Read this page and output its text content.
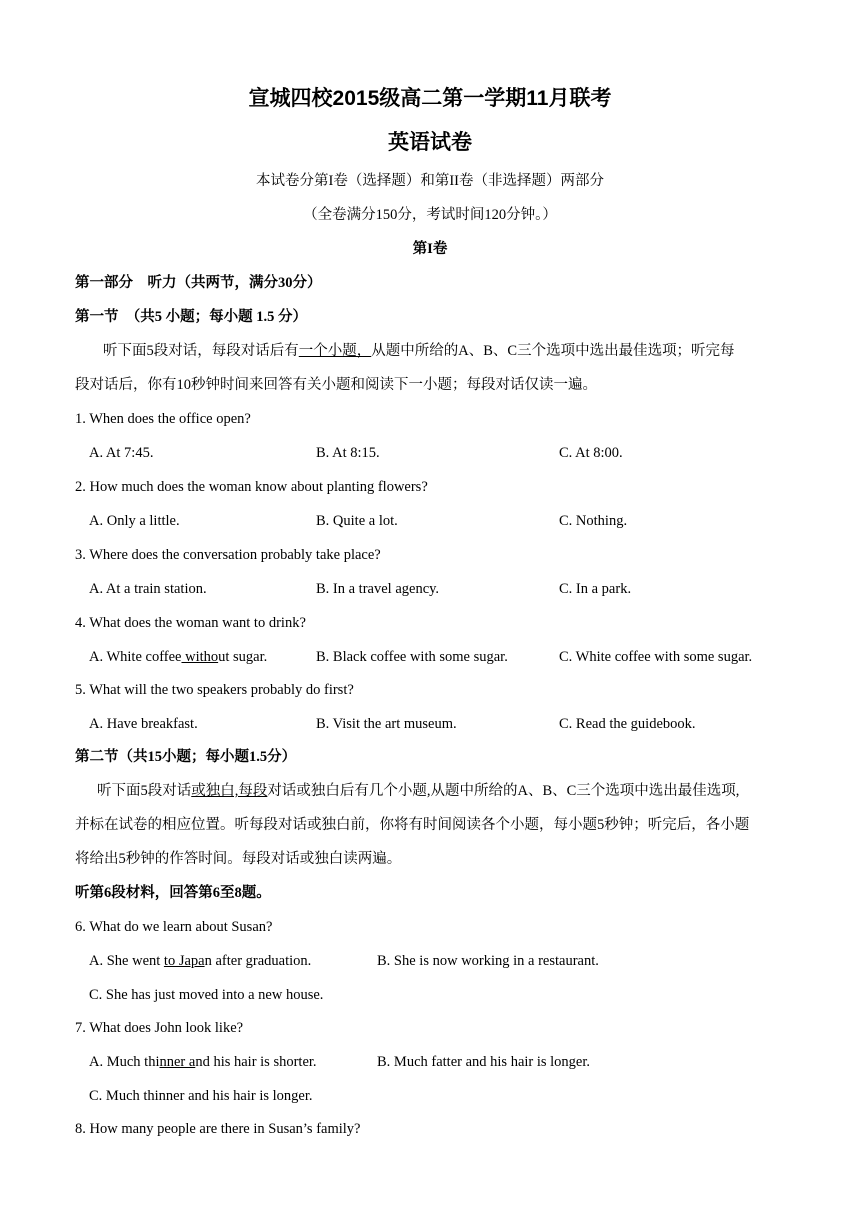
宣城四校2015级高二第一学期11月联考
英语试卷
本试卷分第I卷（选择题）和第II卷（非选择题）两部分
（全卷满分150分，考试时间120分钟。）
第I卷
第一部分　听力（共两节，满分30分）
第一节　（共5 小题；每小题 1.5 分）
听下面5段对话，每段对话后有一个小题，从题中所给的A、B、C三个选项中选出最佳选项；听完每
段对话后，你有10秒钟时间来回答有关小题和阅读下一小题；每段对话仅读一遍。
1. When does the office open?
A. At 7:45.	B. At 8:15.	C. At 8:00.
2. How much does the woman know about planting flowers?
A. Only a little.	B. Quite a lot.	C. Nothing.
3. Where does the conversation probably take place?
A. At a train station.	B. In a travel agency.	C. In a park.
4. What does the woman want to drink?
A. White coffee without sugar.	B. Black coffee with some sugar.	C. White coffee with some sugar.
5. What will the two speakers probably do first?
A. Have breakfast.	B. Visit the art museum.	C. Read the guidebook.
第二节（共15小题；每小题1.5分）
听下面5段对话或独白,每段对话或独白后有几个小题,从题中所给的A、B、C三个选项中选出最佳选项,
并标在试卷的相应位置。听每段对话或独白前，你将有时间阅读各个小题，每小题5秒钟；听完后，各小题
将给出5秒钟的作答时间。每段对话或独白读两遍。
听第6段材料，回答第6至8题。
6. What do we learn about Susan?
A. She went to Japan after graduation.	B. She is now working in a restaurant.
C. She has just moved into a new house.
7. What does John look like?
A. Much thinner and his hair is shorter.	B. Much fatter and his hair is longer.
C. Much thinner and his hair is longer.
8. How many people are there in Susan’s family?
